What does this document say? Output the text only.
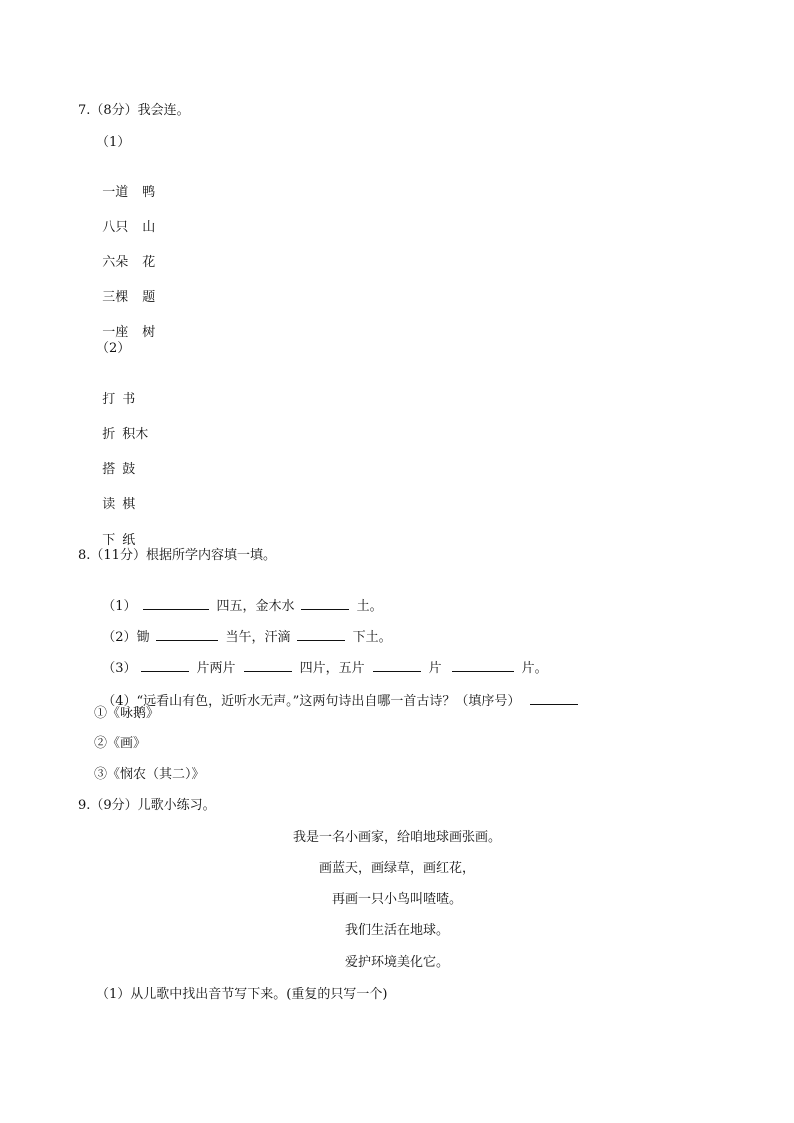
7.（8分）我会连。
（1）

一道 鸭

八只 山

六朵 花

三棵 题

一座 树

（2）

打 书

折 积木

搭 鼓

读 棋

下 纸

8.（11分）根据所学内容填一填。

（1）	四五，金木水	土。

（2）锄	当午，汗滴	下土。

（3）	片两片	四片，五片	片	片。

（4）“远看山有色，近听水无声。”这两句诗出自哪一首古诗？（填序号）

①《咏鹅》
②《画》
③《悯农（其二）》
9.（9分）儿歌小练习。
我是一名小画家，给咱地球画张画。
画蓝天，画绿草，画红花，
再画一只小鸟叫喳喳。
我们生活在地球。
爱护环境美化它。
（1）从儿歌中找出音节写下来。(重复的只写一个)
